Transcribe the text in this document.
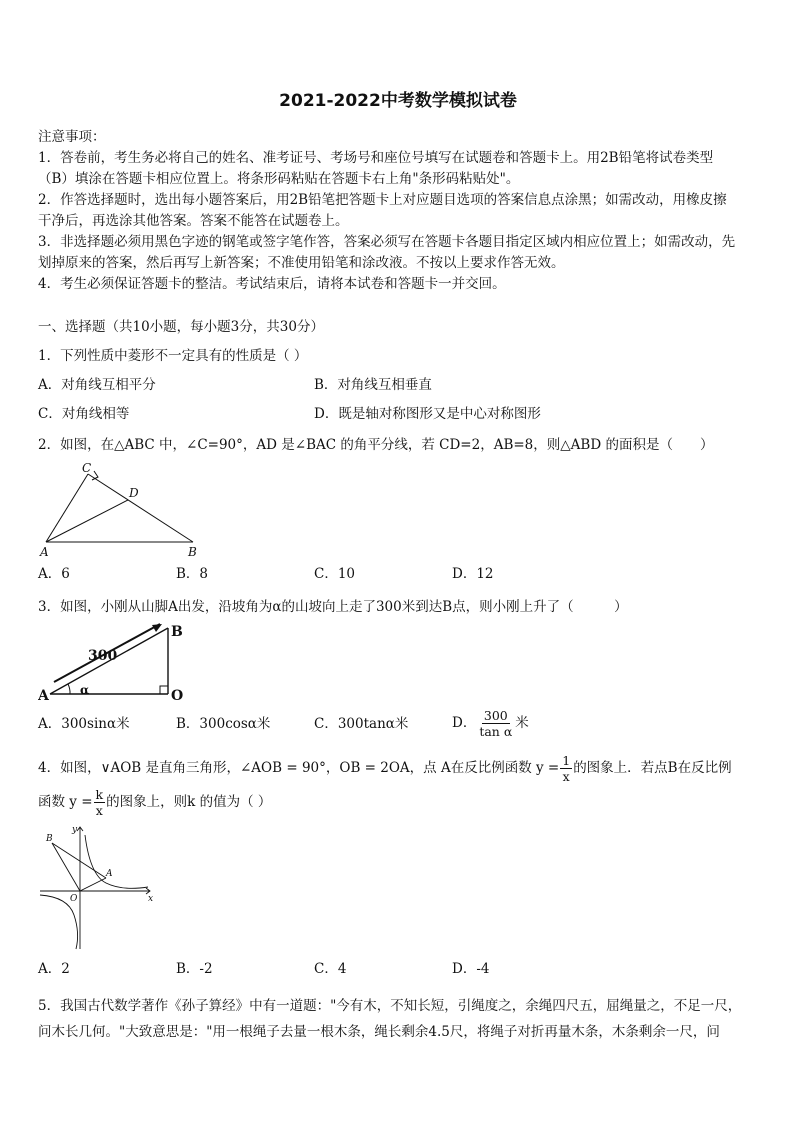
2021-2022中考数学模拟试卷

注意事项：

1．答卷前，考生务必将自己的姓名、准考证号、考场号和座位号填写在试题卷和答题卡上。用2B铅笔将试卷类型

（B）填涂在答题卡相应位置上。将条形码粘贴在答题卡右上角"条形码粘贴处"。

2．作答选择题时，选出每小题答案后，用2B铅笔把答题卡上对应题目选项的答案信息点涂黑；如需改动，用橡皮擦

干净后，再选涂其他答案。答案不能答在试题卷上。

3．非选择题必须用黑色字迹的钢笔或签字笔作答，答案必须写在答题卡各题目指定区域内相应位置上；如需改动，先

划掉原来的答案，然后再写上新答案；不准使用铅笔和涂改液。不按以上要求作答无效。

4．考生必须保证答题卡的整洁。考试结束后，请将本试卷和答题卡一并交回。

一、选择题（共10小题，每小题3分，共30分）
1．下列性质中菱形不一定具有的性质是（ ）
A．对角线互相平分	B．对角线互相垂直
C．对角线相等	D．既是轴对称图形又是中心对称图形
2．如图，在△ABC 中，∠C=90°，AD 是∠BAC 的角平分线，若 CD=2，AB=8，则△ABD 的面积是（　　）
C
D
A	B
A．6	B．8	C．10	D．12
3．如图，小刚从山脚A出发，沿坡角为α的山坡向上走了300米到达B点，则小刚上升了（　　　）
300
A
B
O
α
A．300sinα米	B．300cosα米	C．300tanα米	D． $\frac{300}{\text{tan α}}$ 米
4．如图，∨AOB 是直角三角形，∠AOB = 90°，OB = 2OA，点 A在反比例函数 $y = \frac{1}{x}$ 的图象上．若点B在反比例
函数 $y = \frac{k}{x}$ 的图象上，则k 的值为（ ）
y
x
B
A
O
A．2	B．-2	C．4	D．-4
5．我国古代数学著作《孙子算经》中有一道题："今有木，不知长短，引绳度之，余绳四尺五，屈绳量之，不足一尺，
问木长几何。"大致意思是："用一根绳子去量一根木条，绳长剩余4.5尺，将绳子对折再量木条，木条剩余一尺，问
